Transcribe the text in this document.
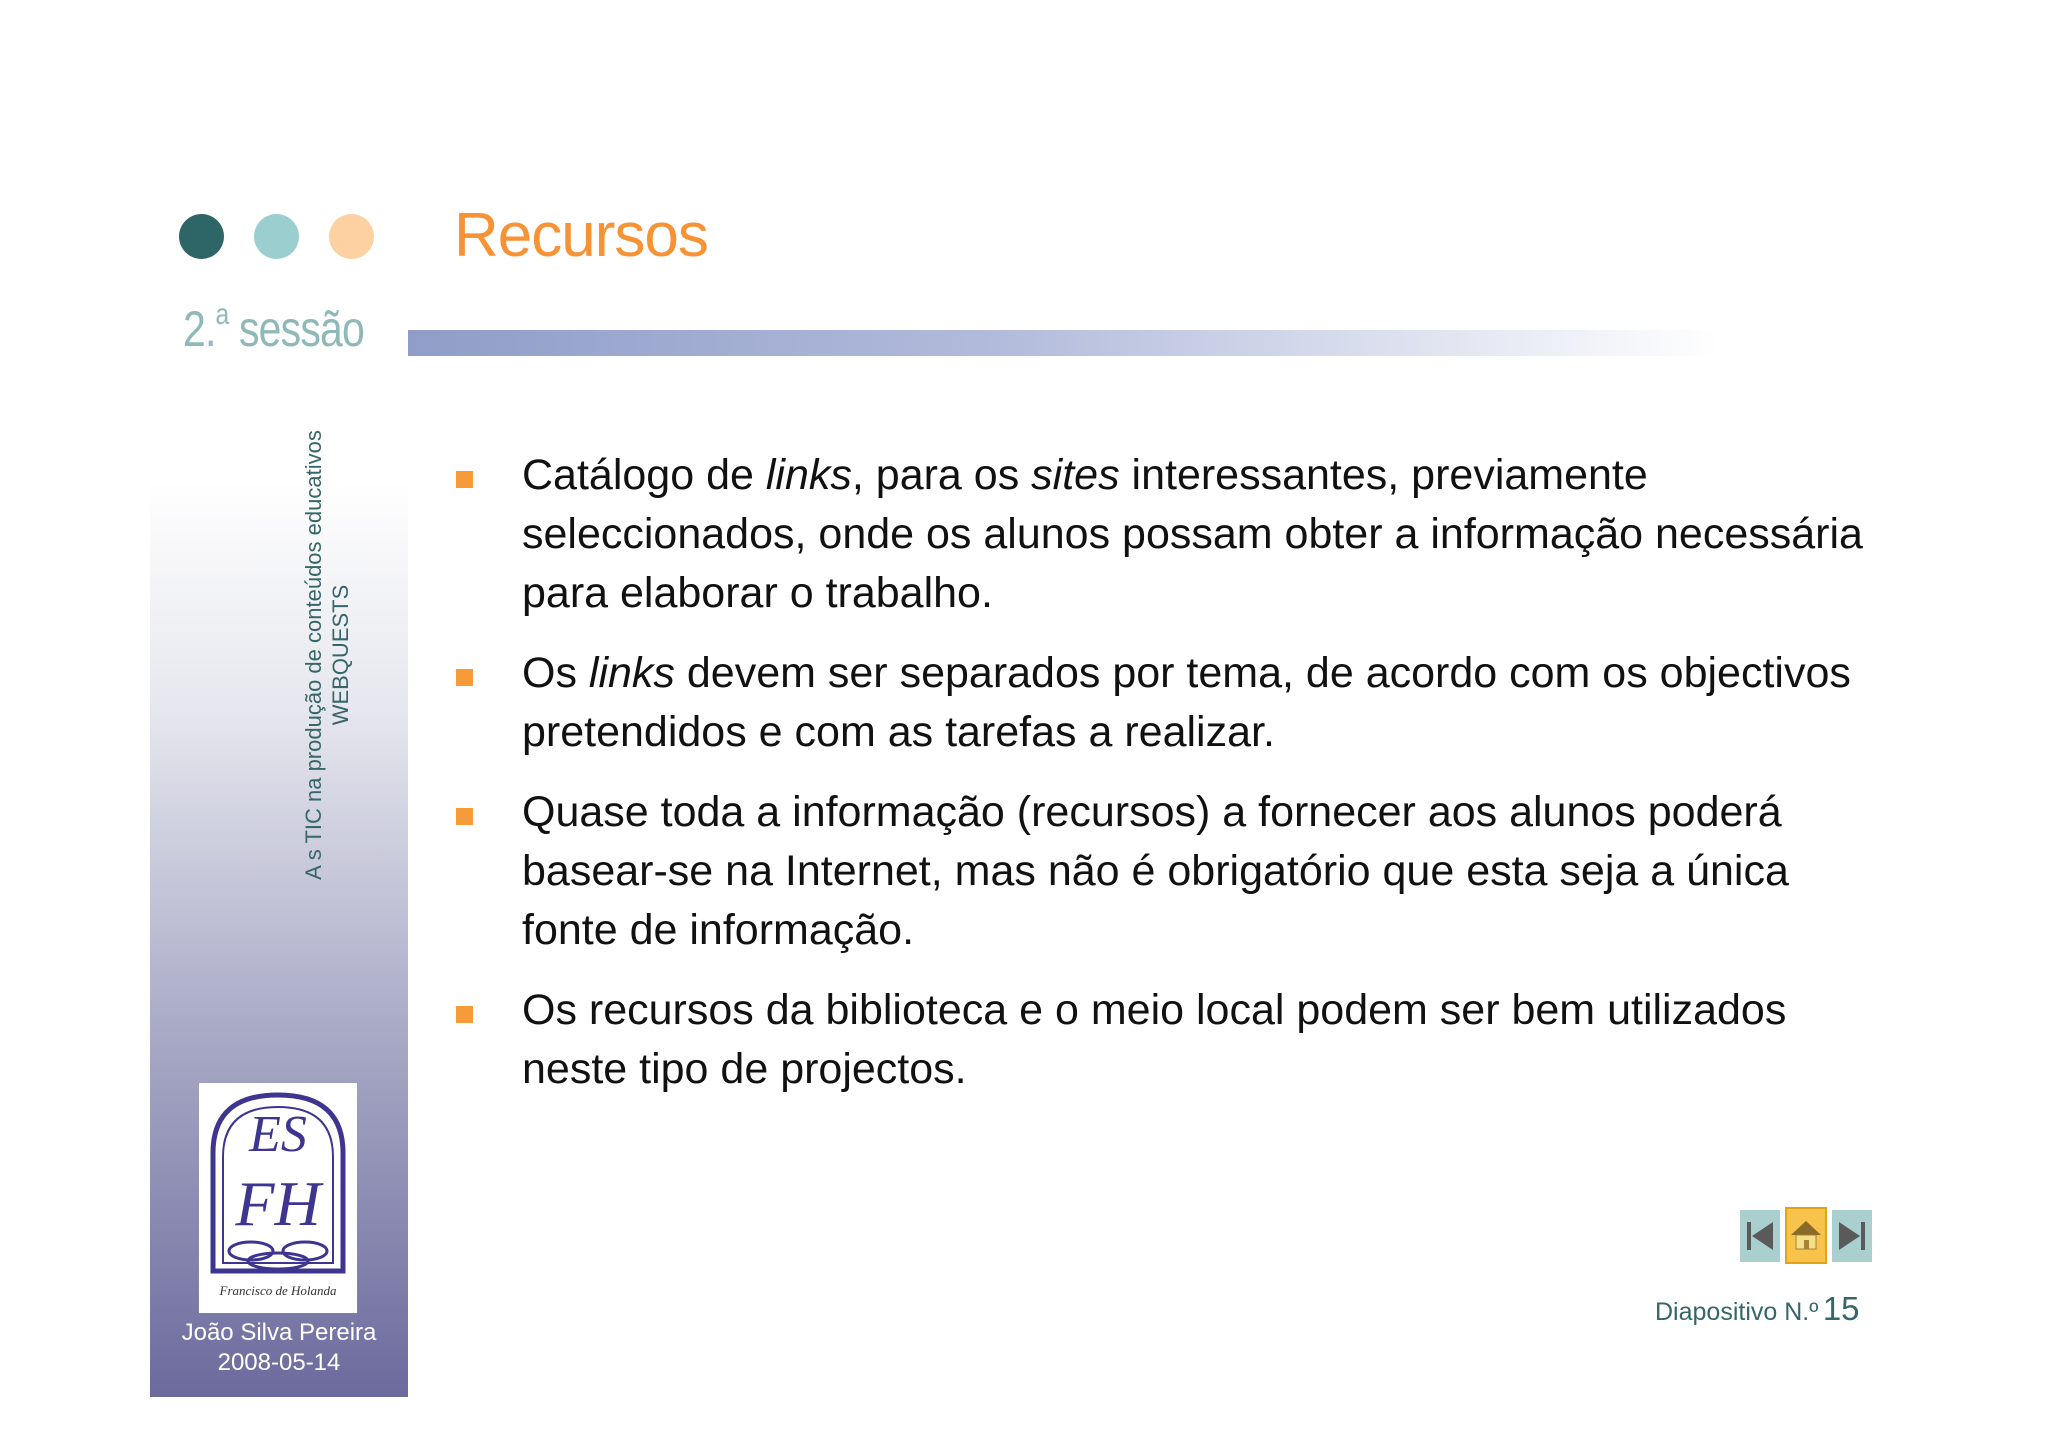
2.$^a$ sessão
A s TIC na produção de conteúdos educativos WEBQUESTS
Recursos
Catálogo de links, para os sites interessantes, previamente seleccionados, onde os alunos possam obter a informação necessária para elaborar o trabalho.
Os links devem ser separados por tema, de acordo com os objectivos pretendidos e com as tarefas a realizar.
Quase toda a informação (recursos) a fornecer aos alunos poderá basear-se na Internet, mas não é obrigatório que esta seja a única fonte de informação.
Os recursos da biblioteca e o meio local podem ser bem utilizados neste tipo de projectos.
ES
FH
Francisco de Holanda
João Silva Pereira
2008-05-14
Diapositivo N.º 15
